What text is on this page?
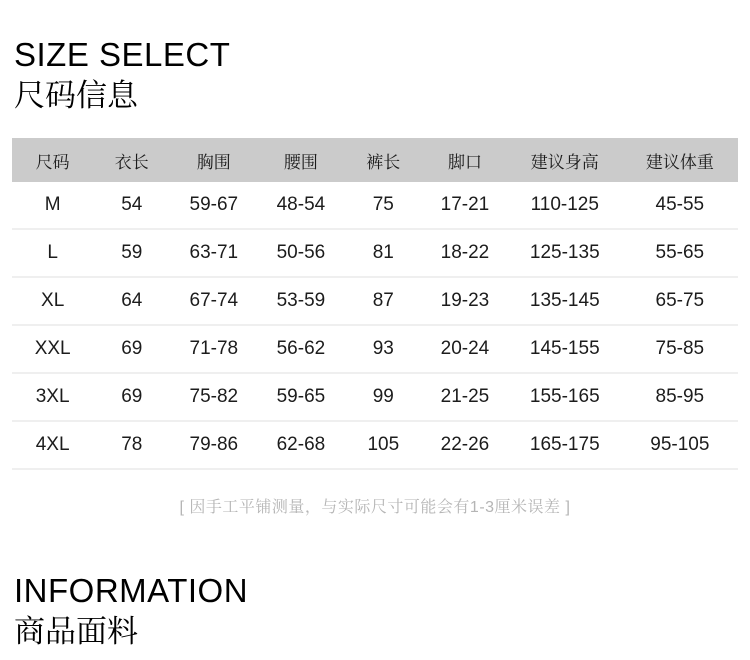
SIZE SELECT
尺码信息
尺码	衣长	胸围	腰围	裤长	脚口	建议身高	建议体重
M	54	59-67	48-54	75	17-21	110-125	45-55
L	59	63-71	50-56	81	18-22	125-135	55-65
XL	64	67-74	53-59	87	19-23	135-145	65-75
XXL	69	71-78	56-62	93	20-24	145-155	75-85
3XL	69	75-82	59-65	99	21-25	155-165	85-95
4XL	78	79-86	62-68	105	22-26	165-175	95-105
[ 因手工平铺测量，与实际尺寸可能会有1-3厘米误差 ]
INFORMATION
商品面料
